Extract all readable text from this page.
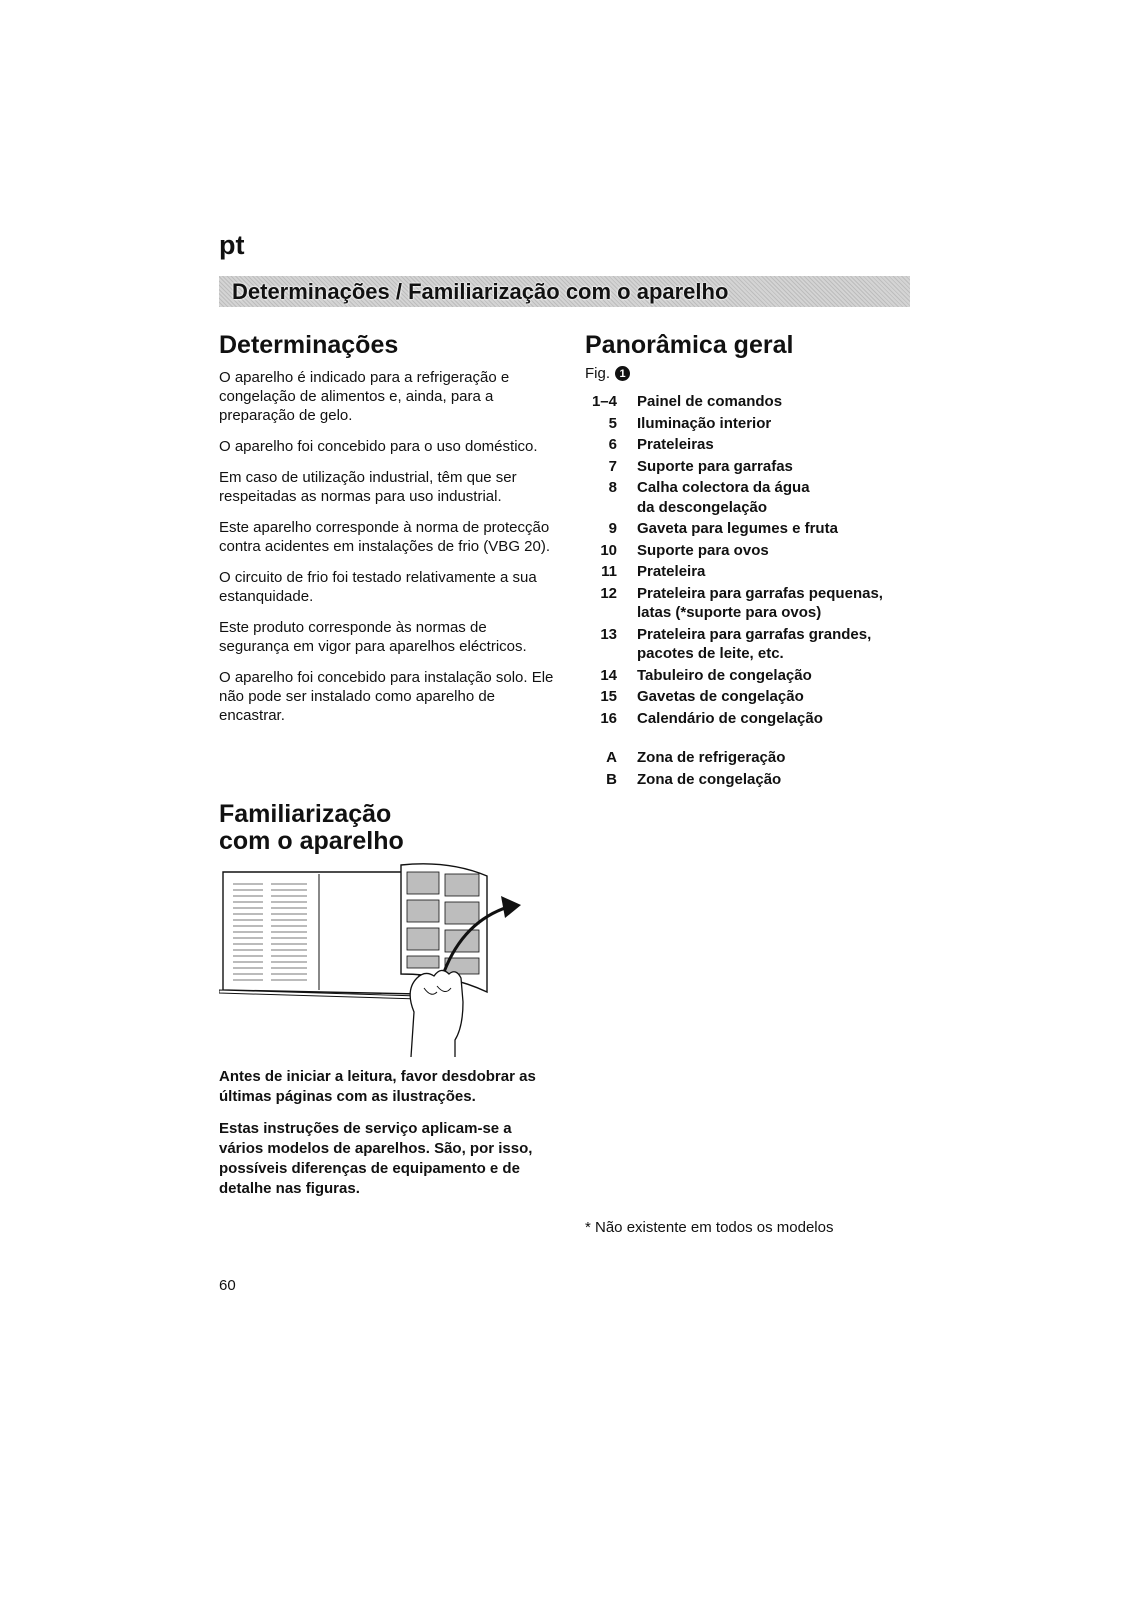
pt
Determinações / Familiarização com o aparelho
Determinações

O aparelho é indicado para a refrigeração e congelação de alimentos e, ainda, para a preparação de gelo.

O aparelho foi concebido para o uso doméstico.

Em caso de utilização industrial, têm que ser respeitadas as normas para uso industrial.

Este aparelho corresponde à norma de protecção contra acidentes em instalações de frio (VBG 20).

O circuito de frio foi testado relativamente a sua estanquidade.

Este produto corresponde às normas de segurança em vigor para aparelhos eléctricos.

O aparelho foi concebido para instalação solo. Ele não pode ser instalado como aparelho de encastrar.

Familiarização
com o aparelho

Antes de iniciar a leitura, favor desdobrar as últimas páginas com as ilustrações.

Estas instruções de serviço aplicam-se a vários modelos de aparelhos. São, por isso, possíveis diferenças de equipamento e de detalhe nas figuras.

Panorâmica geral
Fig. 1
1–4 Painel de comandos
5 Iluminação interior
6 Prateleiras
7 Suporte para garrafas
8 Calha colectora da água da descongelação
9 Gaveta para legumes e fruta
10 Suporte para ovos
11 Prateleira
12 Prateleira para garrafas pequenas, latas (*suporte para ovos)
13 Prateleira para garrafas grandes, pacotes de leite, etc.
14 Tabuleiro de congelação
15 Gavetas de congelação
16 Calendário de congelação
A Zona de refrigeração
B Zona de congelação
* Não existente em todos os modelos
60
